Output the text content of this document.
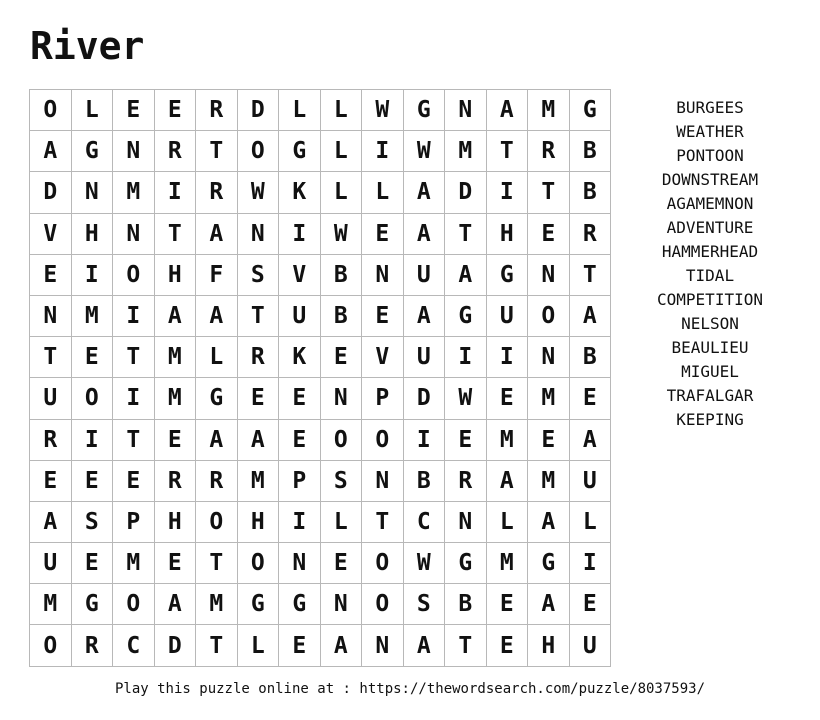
River
O	L	E	E	R	D	L	L	W	G	N	A	M	G
A	G	N	R	T	O	G	L	I	W	M	T	R	B
D	N	M	I	R	W	K	L	L	A	D	I	T	B
V	H	N	T	A	N	I	W	E	A	T	H	E	R
E	I	O	H	F	S	V	B	N	U	A	G	N	T
N	M	I	A	A	T	U	B	E	A	G	U	O	A
T	E	T	M	L	R	K	E	V	U	I	I	N	B
U	O	I	M	G	E	E	N	P	D	W	E	M	E
R	I	T	E	A	A	E	O	O	I	E	M	E	A
E	E	E	R	R	M	P	S	N	B	R	A	M	U
A	S	P	H	O	H	I	L	T	C	N	L	A	L
U	E	M	E	T	O	N	E	O	W	G	M	G	I
M	G	O	A	M	G	G	N	O	S	B	E	A	E
O	R	C	D	T	L	E	A	N	A	T	E	H	U
BURGEES
WEATHER
PONTOON
DOWNSTREAM
AGAMEMNON
ADVENTURE
HAMMERHEAD
TIDAL
COMPETITION
NELSON
BEAULIEU
MIGUEL
TRAFALGAR
KEEPING
Play this puzzle online at : https://thewordsearch.com/puzzle/8037593/
